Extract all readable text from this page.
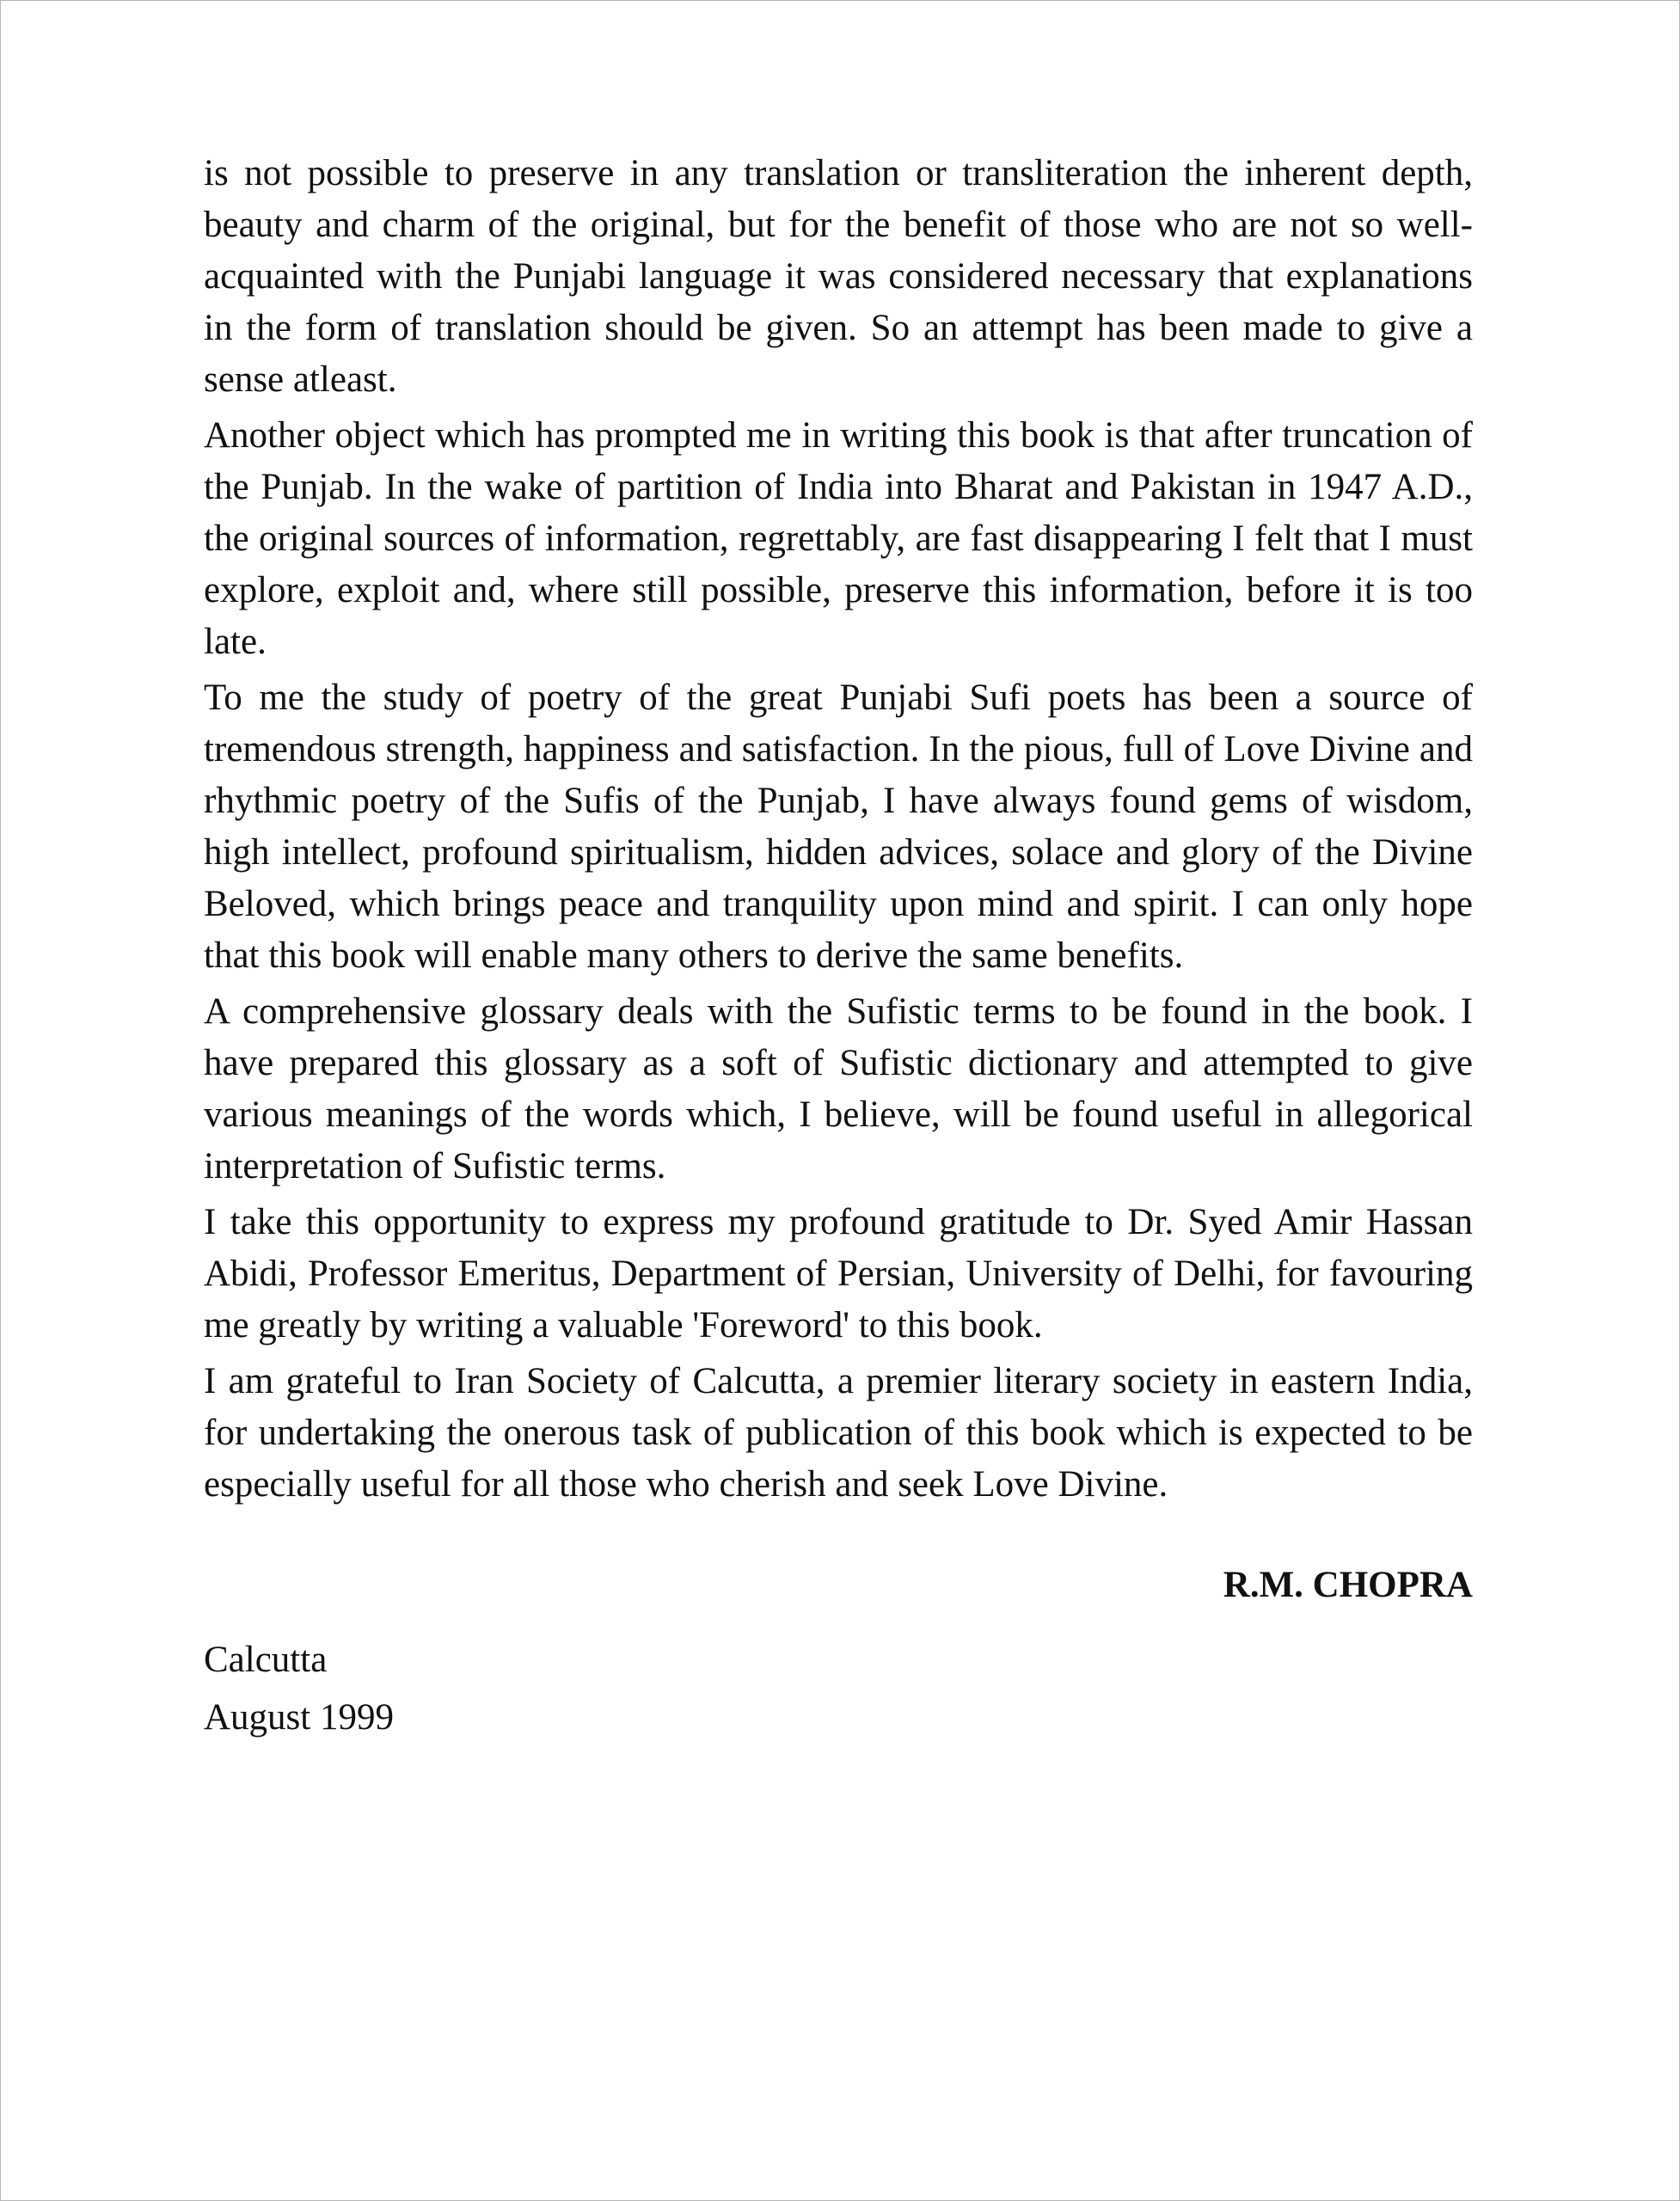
is not possible to preserve in any translation or transliteration the inherent depth, beauty and charm of the original, but for the benefit of those who are not so well-acquainted with the Punjabi language it was considered necessary that explanations in the form of translation should be given. So an attempt has been made to give a sense atleast.

Another object which has prompted me in writing this book is that after truncation of the Punjab. In the wake of partition of India into Bharat and Pakistan in 1947 A.D., the original sources of information, regrettably, are fast disappearing I felt that I must explore, exploit and, where still possible, preserve this information, before it is too late.

To me the study of poetry of the great Punjabi Sufi poets has been a source of tremendous strength, happiness and satisfaction. In the pious, full of Love Divine and rhythmic poetry of the Sufis of the Punjab, I have always found gems of wisdom, high intellect, profound spiritualism, hidden advices, solace and glory of the Divine Beloved, which brings peace and tranquility upon mind and spirit. I can only hope that this book will enable many others to derive the same benefits.

A comprehensive glossary deals with the Sufistic terms to be found in the book. I have prepared this glossary as a soft of Sufistic dictionary and attempted to give various meanings of the words which, I believe, will be found useful in allegorical interpretation of Sufistic terms.

I take this opportunity to express my profound gratitude to Dr. Syed Amir Hassan Abidi, Professor Emeritus, Department of Persian, University of Delhi, for favouring me greatly by writing a valuable 'Foreword' to this book.

I am grateful to Iran Society of Calcutta, a premier literary society in eastern India, for undertaking the onerous task of publication of this book which is expected to be especially useful for all those who cherish and seek Love Divine.

R.M. CHOPRA
Calcutta
August 1999
